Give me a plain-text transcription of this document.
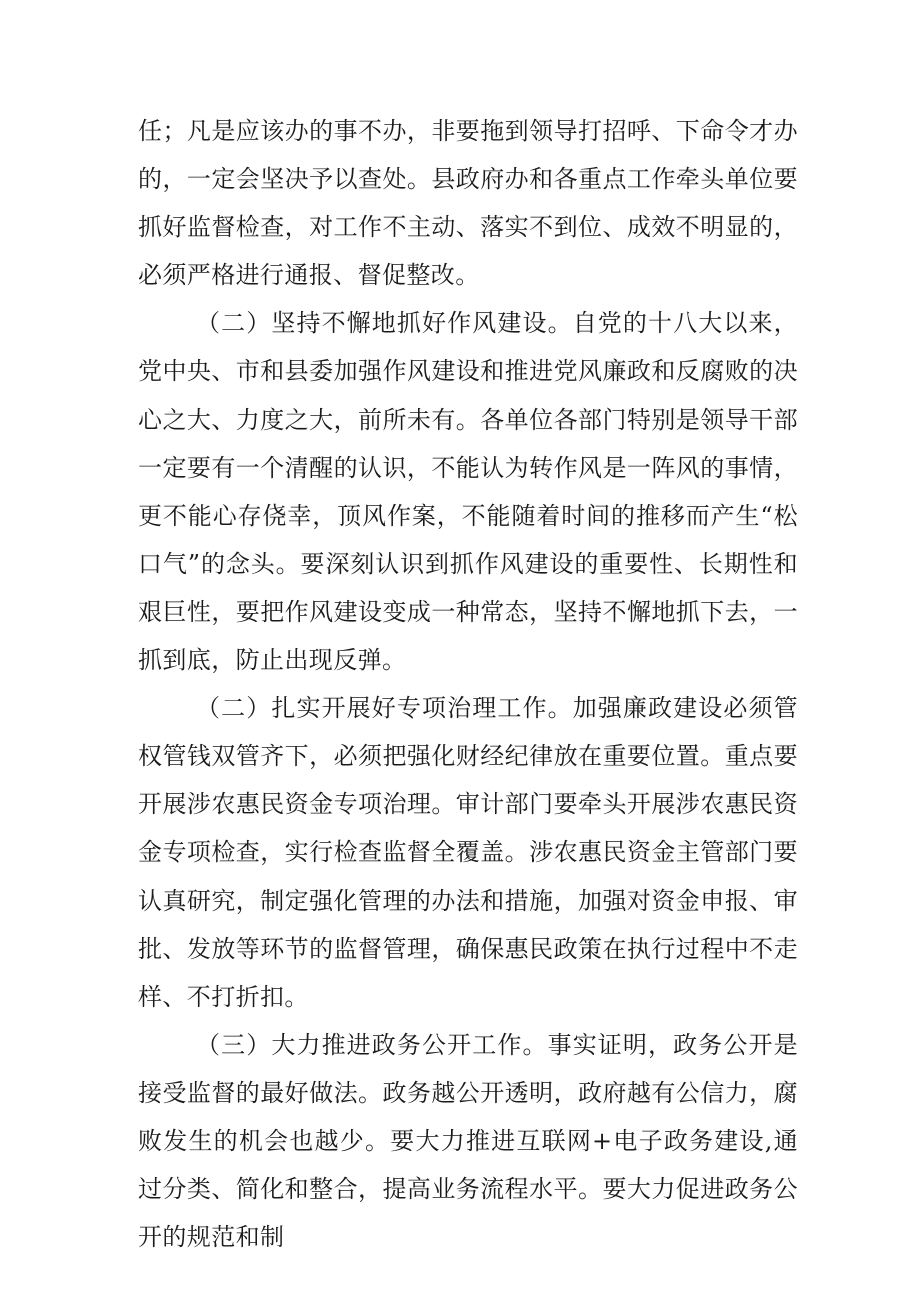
任；凡是应该办的事不办，非要拖到领导打招呼、下命令才办的，一定会坚决予以查处。县政府办和各重点工作牵头单位要抓好监督检查，对工作不主动、落实不到位、成效不明显的，必须严格进行通报、督促整改。

（二）坚持不懈地抓好作风建设。自党的十八大以来，党中央、市和县委加强作风建设和推进党风廉政和反腐败的决心之大、力度之大，前所未有。各单位各部门特别是领导干部一定要有一个清醒的认识，不能认为转作风是一阵风的事情，更不能心存侥幸，顶风作案，不能随着时间的推移而产生“松口气”的念头。要深刻认识到抓作风建设的重要性、长期性和艰巨性，要把作风建设变成一种常态，坚持不懈地抓下去，一抓到底，防止出现反弹。

（二）扎实开展好专项治理工作。加强廉政建设必须管权管钱双管齐下，必须把强化财经纪律放在重要位置。重点要开展涉农惠民资金专项治理。审计部门要牵头开展涉农惠民资金专项检查，实行检查监督全覆盖。涉农惠民资金主管部门要认真研究，制定强化管理的办法和措施，加强对资金申报、审批、发放等环节的监督管理，确保惠民政策在执行过程中不走样、不打折扣。

（三）大力推进政务公开工作。事实证明，政务公开是接受监督的最好做法。政务越公开透明，政府越有公信力，腐败发生的机会也越少。要大力推进互联网+电子政务建设,通过分类、简化和整合，提高业务流程水平。要大力促进政务公开的规范和制
